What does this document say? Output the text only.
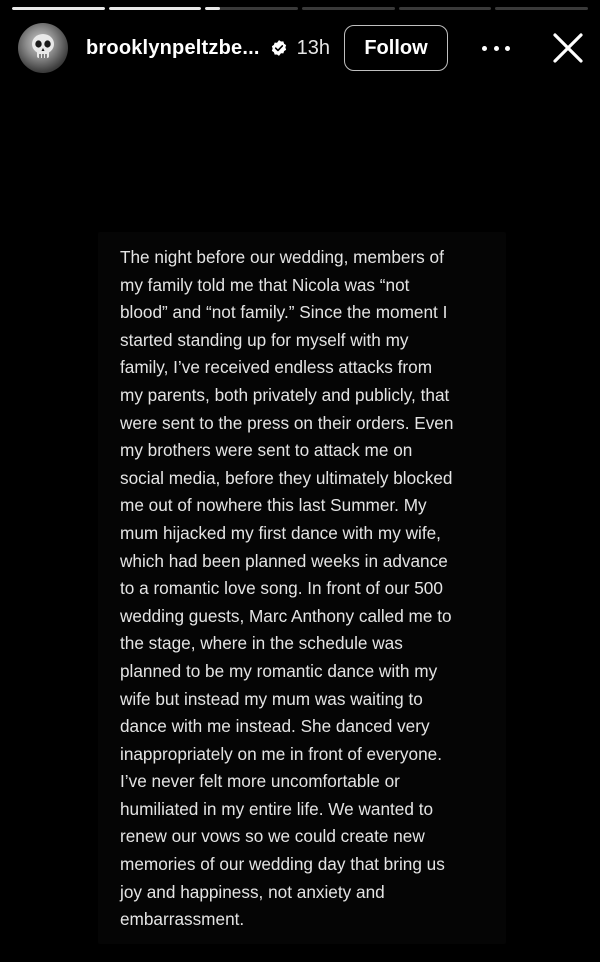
brooklynpeltzbe... 13h	Follow

The night before our wedding, members of
my family told me that Nicola was “not
blood” and “not family.” Since the moment I
started standing up for myself with my
family, I’ve received endless attacks from
my parents, both privately and publicly, that
were sent to the press on their orders. Even
my brothers were sent to attack me on
social media, before they ultimately blocked
me out of nowhere this last Summer. My
mum hijacked my first dance with my wife,
which had been planned weeks in advance
to a romantic love song. In front of our 500
wedding guests, Marc Anthony called me to
the stage, where in the schedule was
planned to be my romantic dance with my
wife but instead my mum was waiting to
dance with me instead. She danced very
inappropriately on me in front of everyone.
I’ve never felt more uncomfortable or
humiliated in my entire life. We wanted to
renew our vows so we could create new
memories of our wedding day that bring us
joy and happiness, not anxiety and
embarrassment.
